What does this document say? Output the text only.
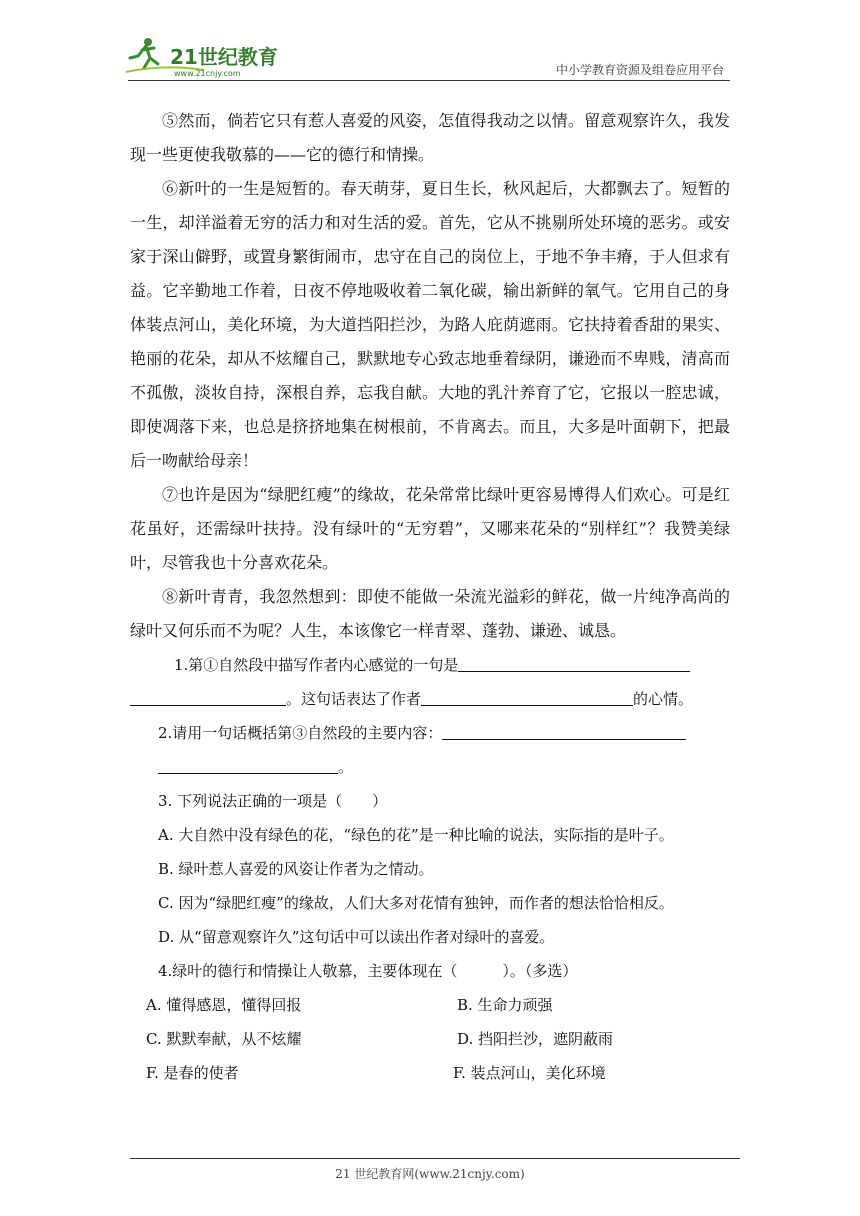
21世纪教育
www.21cnjy.com	中小学教育资源及组卷应用平台

⑤然而，倘若它只有惹人喜爱的风姿，怎值得我动之以情。留意观察许久，我发现一些更使我敬慕的——它的德行和情操。

⑥新叶的一生是短暂的。春天萌芽，夏日生长，秋风起后，大都飘去了。短暂的一生，却洋溢着无穷的活力和对生活的爱。首先，它从不挑剔所处环境的恶劣。或安家于深山僻野，或置身繁街闹市，忠守在自己的岗位上，于地不争丰瘠，于人但求有益。它辛勤地工作着，日夜不停地吸收着二氧化碳，输出新鲜的氧气。它用自己的身体装点河山，美化环境，为大道挡阳拦沙，为路人庇荫遮雨。它扶持着香甜的果实、艳丽的花朵，却从不炫耀自己，默默地专心致志地垂着绿阴，谦逊而不卑贱，清高而不孤傲，淡妆自持，深根自养，忘我自献。大地的乳汁养育了它，它报以一腔忠诚，即使凋落下来，也总是挤挤地集在树根前，不肯离去。而且，大多是叶面朝下，把最后一吻献给母亲！

⑦也许是因为“绿肥红瘦”的缘故，花朵常常比绿叶更容易博得人们欢心。可是红花虽好，还需绿叶扶持。没有绿叶的“无穷碧”，又哪来花朵的“别样红”？我赞美绿叶，尽管我也十分喜欢花朵。

⑧新叶青青，我忽然想到：即使不能做一朵流光溢彩的鲜花，做一片纯净高尚的绿叶又何乐而不为呢？人生，本该像它一样青翠、蓬勃、谦逊、诚恳。

1.第①自然段中描写作者内心感觉的一句是

。这句话表达了作者	的心情。

2.请用一句话概括第③自然段的主要内容：

。

3. 下列说法正确的一项是（　　）

A. 大自然中没有绿色的花，“绿色的花”是一种比喻的说法，实际指的是叶子。

B. 绿叶惹人喜爱的风姿让作者为之情动。

C. 因为“绿肥红瘦”的缘故，人们大多对花情有独钟，而作者的想法恰恰相反。

D. 从“留意观察许久”这句话中可以读出作者对绿叶的喜爱。

4.绿叶的德行和情操让人敬慕，主要体现在（　　　）。（多选）

A. 懂得感恩，懂得回报	B. 生命力顽强
C. 默默奉献，从不炫耀	D. 挡阳拦沙，遮阴蔽雨
F. 是春的使者	F. 装点河山，美化环境
21 世纪教育网(www.21cnjy.com)
